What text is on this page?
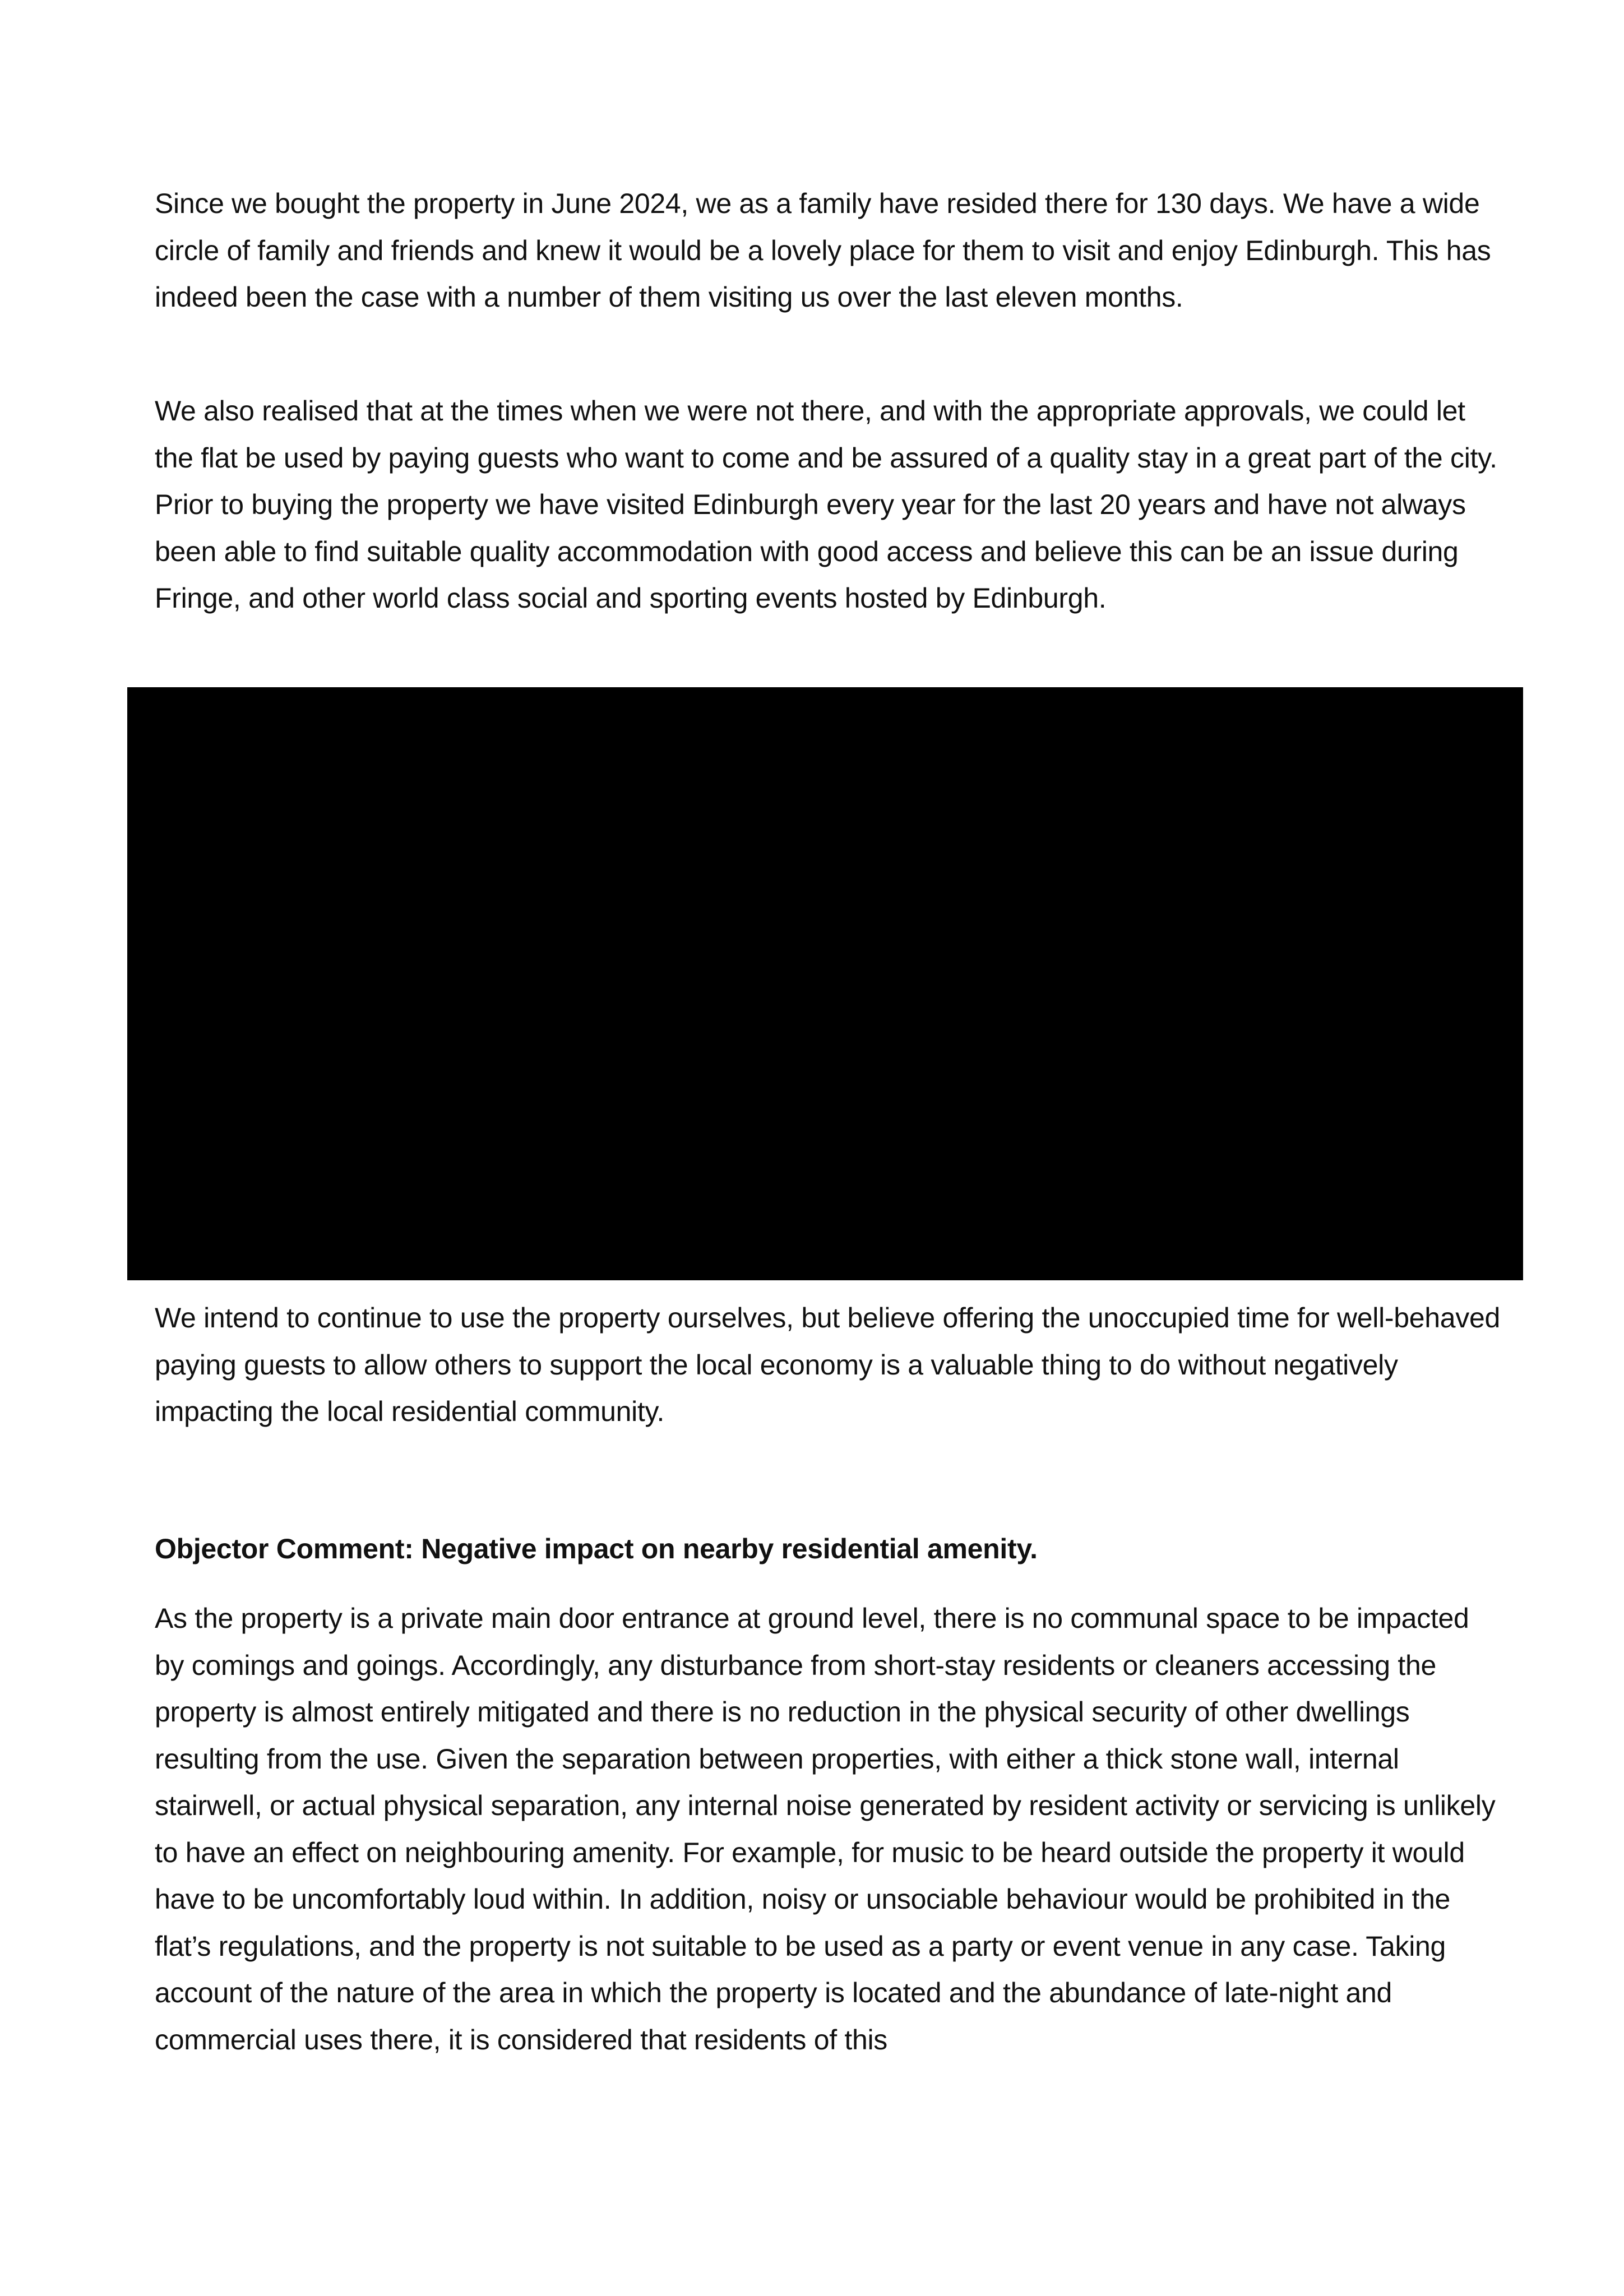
Since we bought the property in June 2024, we as a family have resided there for 130 days. We have a wide circle of family and friends and knew it would be a lovely place for them to visit and enjoy Edinburgh. This has indeed been the case with a number of them visiting us over the last eleven months.

We also realised that at the times when we were not there, and with the appropriate approvals, we could let the flat be used by paying guests who want to come and be assured of a quality stay in a great part of the city. Prior to buying the property we have visited Edinburgh every year for the last 20 years and have not always been able to find suitable quality accommodation with good access and believe this can be an issue during Fringe, and other world class social and sporting events hosted by Edinburgh.

We intend to continue to use the property ourselves, but believe offering the unoccupied time for well-behaved paying guests to allow others to support the local economy is a valuable thing to do without negatively impacting the local residential community.

Objector Comment: Negative impact on nearby residential amenity.

As the property is a private main door entrance at ground level, there is no communal space to be impacted by comings and goings. Accordingly, any disturbance from short-stay residents or cleaners accessing the property is almost entirely mitigated and there is no reduction in the physical security of other dwellings resulting from the use. Given the separation between properties, with either a thick stone wall, internal stairwell, or actual physical separation, any internal noise generated by resident activity or servicing is unlikely to have an effect on neighbouring amenity. For example, for music to be heard outside the property it would have to be uncomfortably loud within. In addition, noisy or unsociable behaviour would be prohibited in the flat’s regulations, and the property is not suitable to be used as a party or event venue in any case. Taking account of the nature of the area in which the property is located and the abundance of late-night and commercial uses there, it is considered that residents of this
